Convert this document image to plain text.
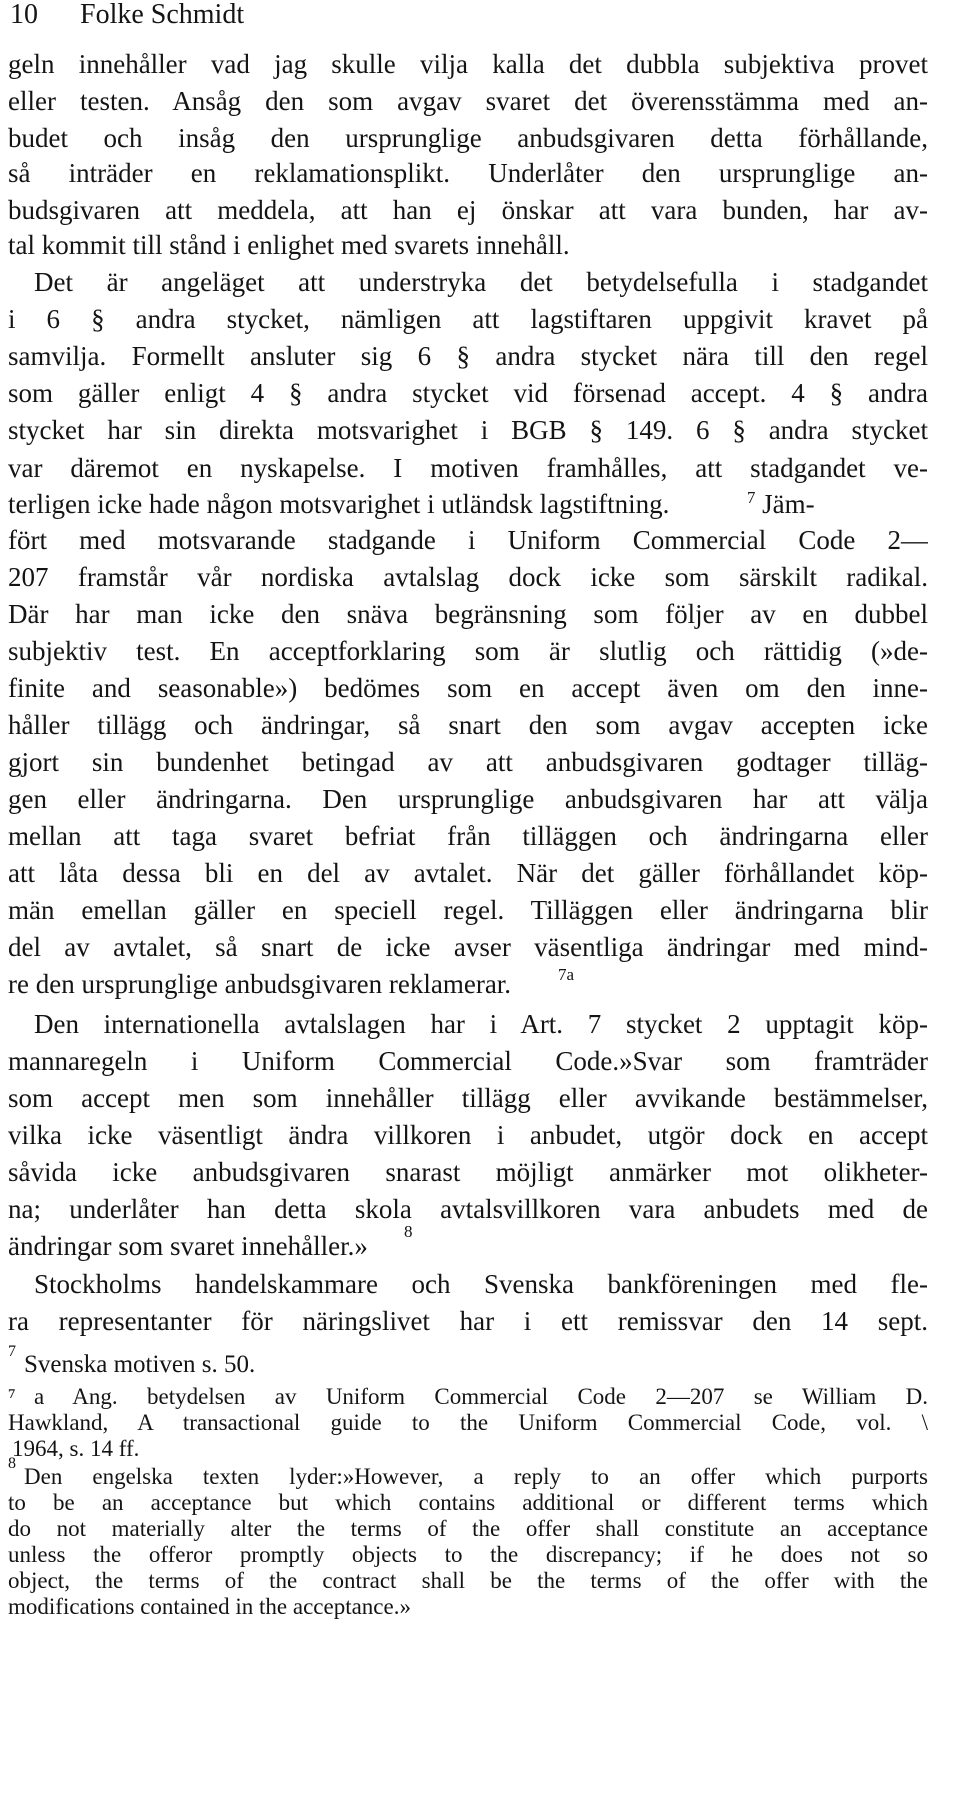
10 Folke Schmidt
geln innehåller vad jag skulle vilja kalla det dubbla subjektiva provet
eller testen. Ansåg den som avgav svaret det överensstämma med an-
budet och insåg den ursprunglige anbudsgivaren detta förhållande,
så inträder en reklamationsplikt. Underlåter den ursprunglige an-
budsgivaren att meddela, att han ej önskar att vara bunden, har av-
tal kommit till stånd i enlighet med svarets innehåll.
Det är angeläget att understryka det betydelsefulla i stadgandet
i 6 § andra stycket, nämligen att lagstiftaren uppgivit kravet på
samvilja. Formellt ansluter sig 6 § andra stycket nära till den regel
som gäller enligt 4 § andra stycket vid försenad accept. 4 § andra
stycket har sin direkta motsvarighet i BGB § 149. 6 § andra stycket
var däremot en nyskapelse. I motiven framhålles, att stadgandet ve-
terligen icke hade någon motsvarighet i utländsk lagstiftning.	$^7$ Jäm-
fört med motsvarande stadgande i Uniform Commercial Code 2—
207 framstår vår nordiska avtalslag dock icke som särskilt radikal.
Där har man icke den snäva begränsning som följer av en dubbel
subjektiv test. En acceptforklaring som är slutlig och rättidig (»de-
finite and seasonable») bedömes som en accept även om den inne-
håller tillägg och ändringar, så snart den som avgav accepten icke
gjort sin bundenhet betingad av att anbudsgivaren godtager tilläg-
gen eller ändringarna. Den ursprunglige anbudsgivaren har att välja
mellan att taga svaret befriat från tilläggen och ändringarna eller
att låta dessa bli en del av avtalet. När det gäller förhållandet köp-
män emellan gäller en speciell regel. Tilläggen eller ändringarna blir
del av avtalet, så snart de icke avser väsentliga ändringar med mind-
re den ursprunglige anbudsgivaren reklamerar.	7a
Den internationella avtalslagen har i Art. 7 stycket 2 upptagit köp-
mannaregeln i Uniform Commercial Code.»Svar som framträder
som accept men som innehåller tillägg eller avvikande bestämmelser,
vilka icke väsentligt ändra villkoren i anbudet, utgör dock en accept
såvida icke anbudsgivaren snarast möjligt anmärker mot olikheter-
na; underlåter han detta skola avtalsvillkoren vara anbudets med de
ändringar som svaret innehåller.»	8
Stockholms handelskammare och Svenska bankföreningen med fle-
ra representanter för näringslivet har i ett remissvar den 14 sept.
7 Svenska motiven s. 50.
⁷ a Ang. betydelsen av Uniform Commercial Code 2—207 se William D.
Hawkland, A transactional guide to the Uniform Commercial Code, vol. \
1964, s. 14 ff.
8
Den engelska texten lyder:»However, a reply to an offer which purports
to be an acceptance but which contains additional or different terms which
do not materially alter the terms of the offer shall constitute an acceptance
unless the offeror promptly objects to the discrepancy; if he does not so
object, the terms of the contract shall be the terms of the offer with the
modifications contained in the acceptance.»
